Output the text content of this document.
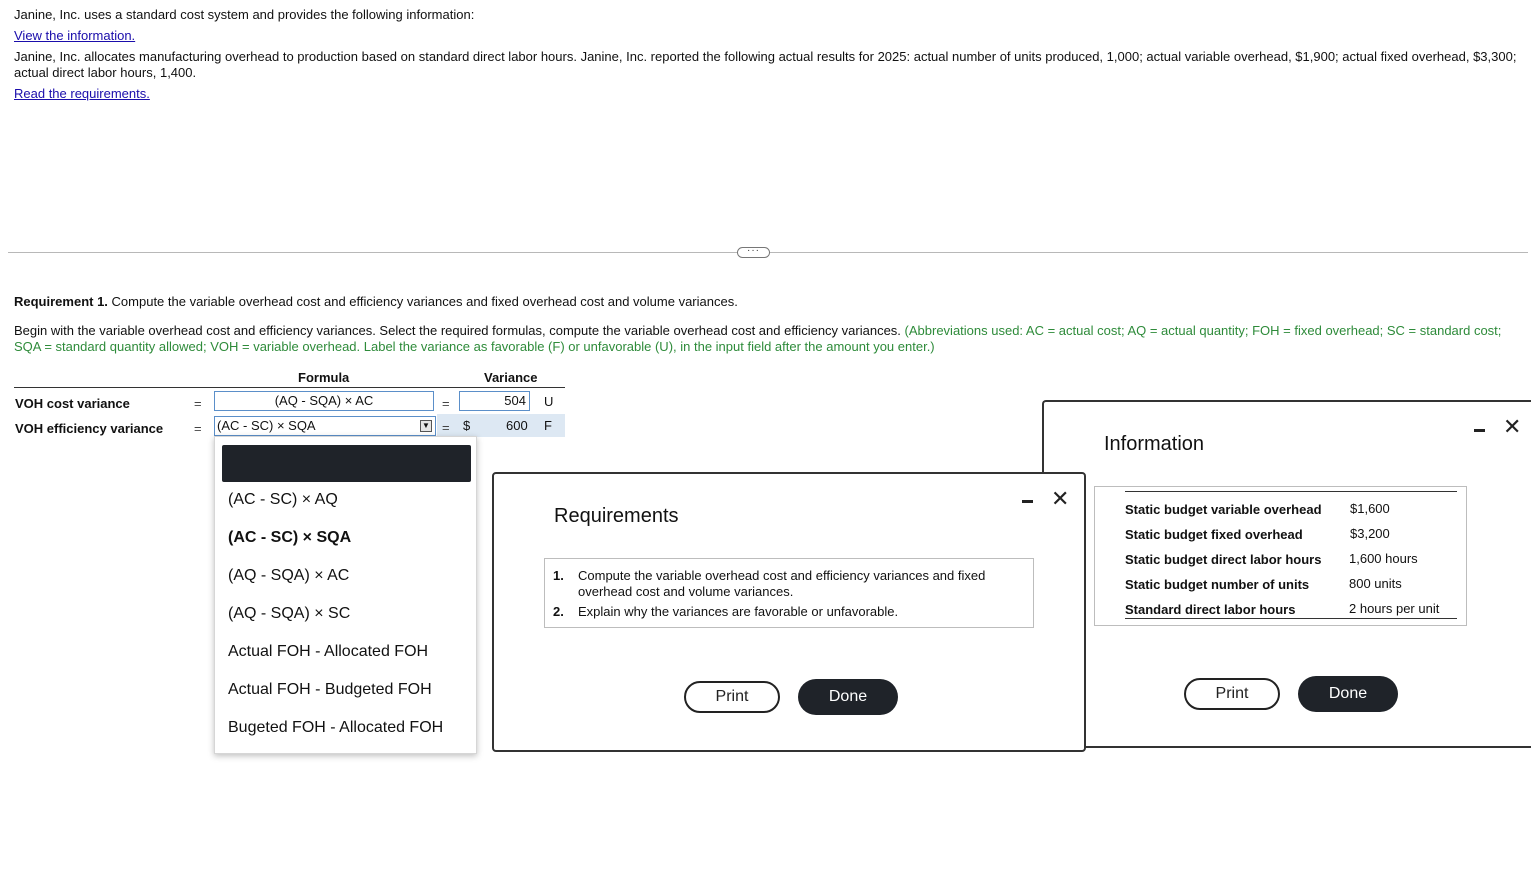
Janine, Inc. uses a standard cost system and provides the following information:
View the information.
Janine, Inc. allocates manufacturing overhead to production based on standard direct labor hours. Janine, Inc. reported the following actual results for 2025: actual number of units produced, 1,000; actual variable overhead, $1,900; actual fixed overhead, $3,300;
actual direct labor hours, 1,400.
Read the requirements.
···
Requirement 1. Compute the variable overhead cost and efficiency variances and fixed overhead cost and volume variances.
Begin with the variable overhead cost and efficiency variances. Select the required formulas, compute the variable overhead cost and efficiency variances. (Abbreviations used: AC = actual cost; AQ = actual quantity; FOH = fixed overhead; SC = standard cost;
SQA = standard quantity allowed; VOH = variable overhead. Label the variance as favorable (F) or unfavorable (U), in the input field after the amount you enter.)
Formula	Variance
VOH cost variance	=	(AQ - SQA) × AC	=	504	U
VOH efficiency variance = (AC - SC) × SQA	▼ = $	600 F
(AC - SC) × AQ
(AC - SC) × SQA
(AQ - SQA) × AC
(AQ - SQA) × SC
Actual FOH - Allocated FOH
Actual FOH - Budgeted FOH
Bugeted FOH - Allocated FOH
Information
✕
Static budget variable overhead $1,600
Static budget fixed overhead	$3,200
Static budget direct labor hours 1,600 hours
Static budget number of units	800 units
Standard direct labor hours	2 hours per unit
Print	Done
Requirements
✕
1. Compute the variable overhead cost and efficiency variances and fixed
overhead cost and volume variances.
2. Explain why the variances are favorable or unfavorable.
Print	Done
